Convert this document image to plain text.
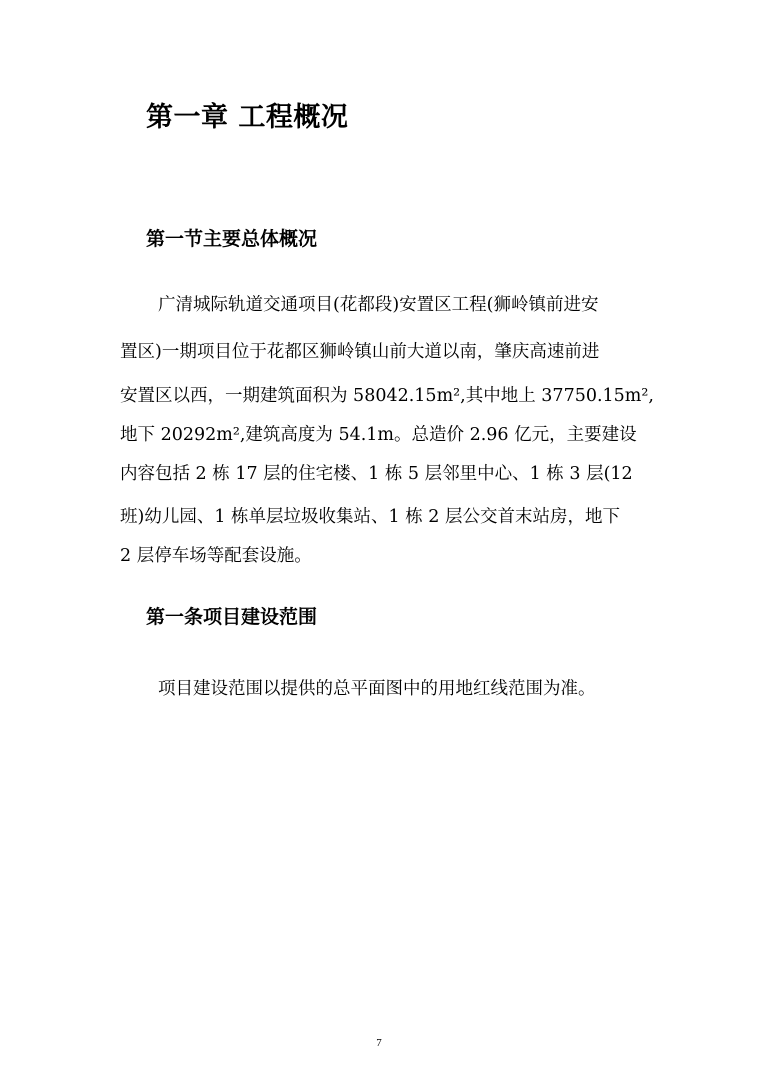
第一章 工程概况
第一节主要总体概况
广清城际轨道交通项目(花都段)安置区工程(狮岭镇前进安
置区)一期项目位于花都区狮岭镇山前大道以南，肇庆高速前进
安置区以西，一期建筑面积为 58042.15m²,其中地上 37750.15m²,
地下 20292m²,建筑高度为 54.1m。总造价 2.96 亿元，主要建设
内容包括 2 栋 17 层的住宅楼、1 栋 5 层邻里中心、1 栋 3 层(12
班)幼儿园、1 栋单层垃圾收集站、1 栋 2 层公交首末站房，地下
2 层停车场等配套设施。
第一条项目建设范围
项目建设范围以提供的总平面图中的用地红线范围为准。
7
